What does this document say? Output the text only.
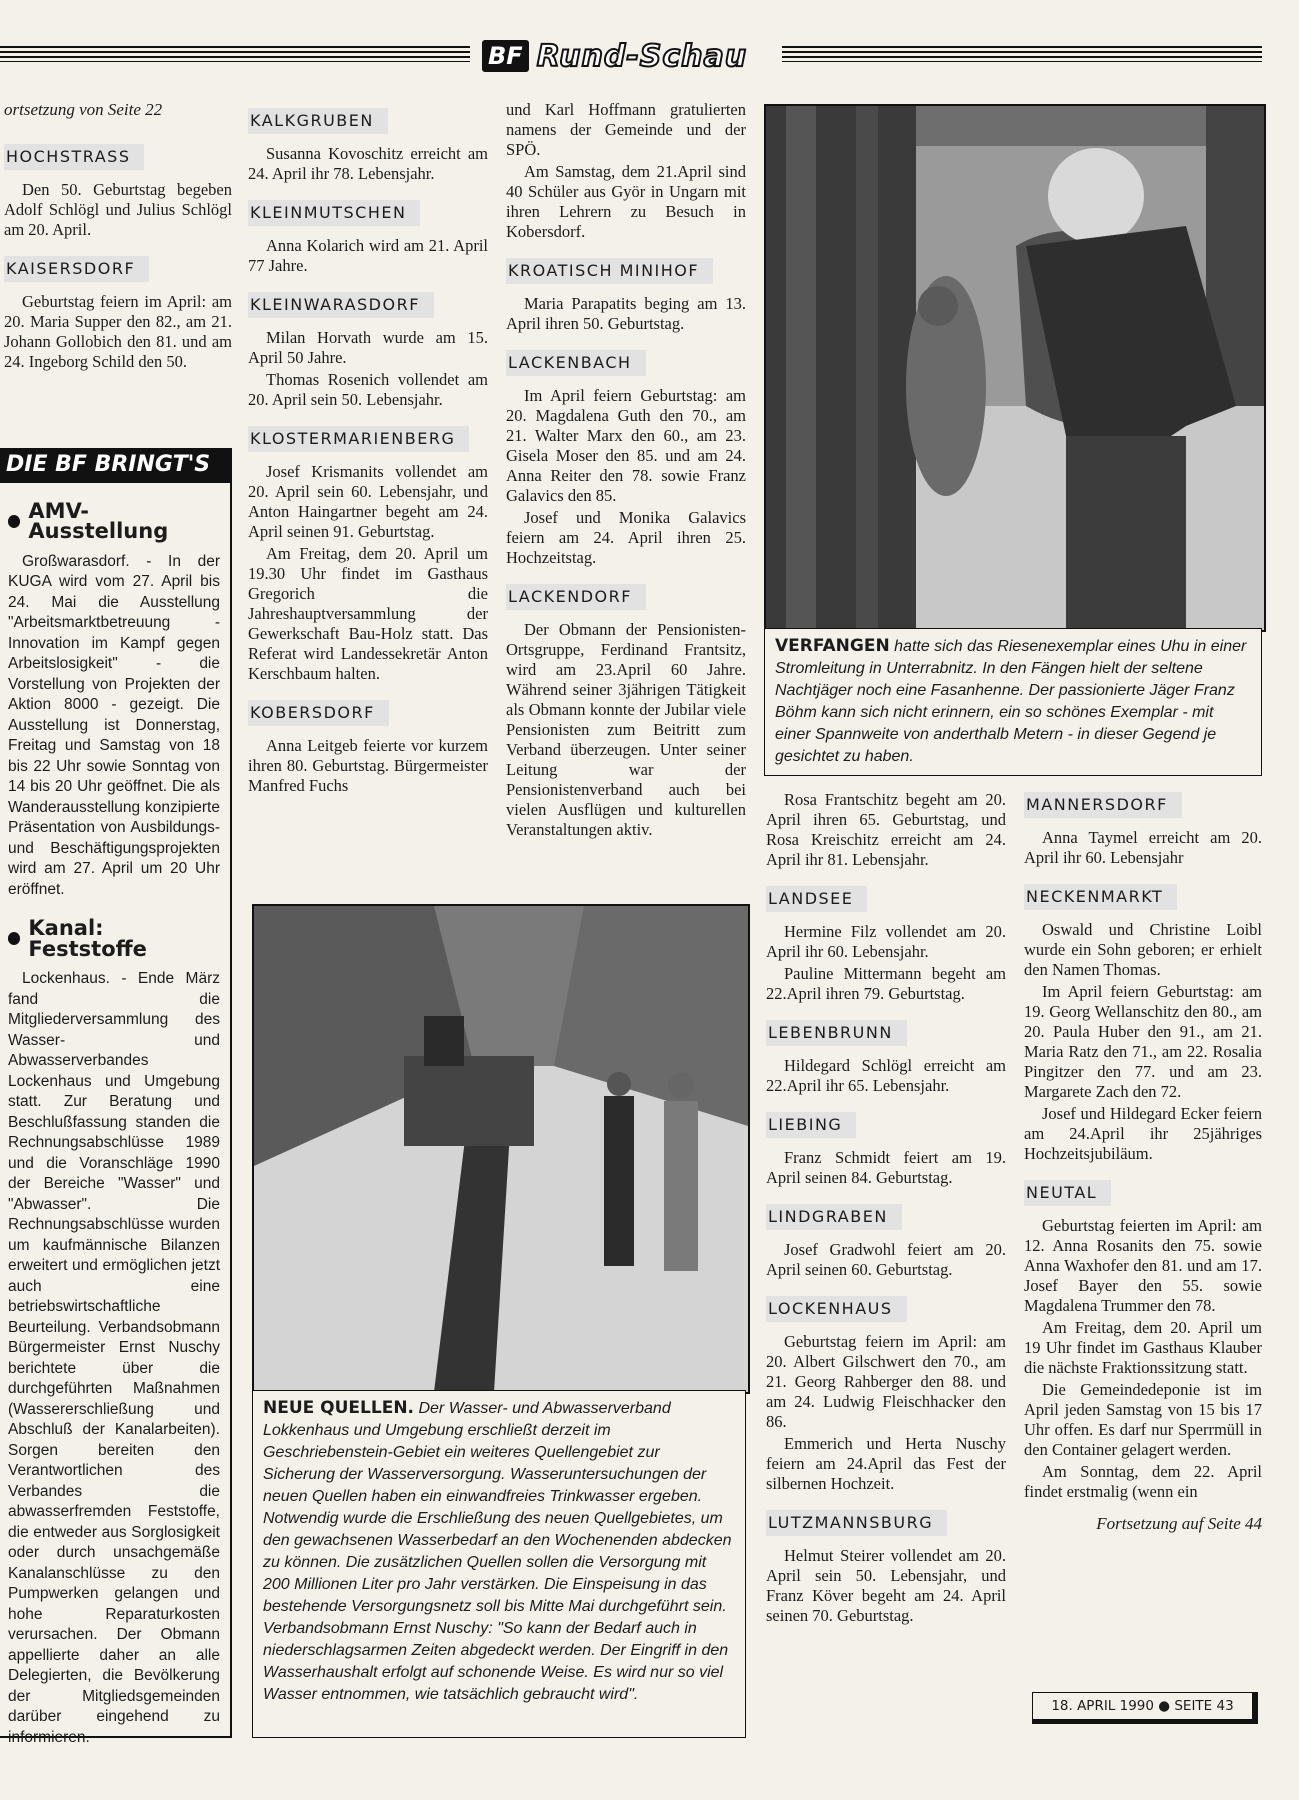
BF Rund-Schau
ortsetzung von Seite 22
HOCHSTRASS

Den 50. Geburtstag begeben Adolf Schlögl und Julius Schlögl am 20. April.

KAISERSDORF

Geburtstag feiern im April: am 20. Maria Supper den 82., am 21. Johann Gollobich den 81. und am 24. Ingeborg Schild den 50.

DIE BF BRINGT'S
AMV-Ausstellung

Großwarasdorf. - In der KUGA wird vom 27. April bis 24. Mai die Ausstellung "Arbeitsmarktbetreuung - Innovation im Kampf gegen Arbeitslosigkeit" - die Vorstellung von Projekten der Aktion 8000 - gezeigt. Die Ausstellung ist Donnerstag, Freitag und Samstag von 18 bis 22 Uhr sowie Sonntag von 14 bis 20 Uhr geöffnet. Die als Wanderausstellung konzipierte Präsentation von Ausbildungs- und Beschäftigungsprojekten wird am 27. April um 20 Uhr eröffnet.

Kanal: Feststoffe

Lockenhaus. - Ende März fand die Mitgliederversammlung des Wasser- und Abwasserverbandes Lockenhaus und Umgebung statt. Zur Beratung und Beschlußfassung standen die Rechnungsabschlüsse 1989 und die Voranschläge 1990 der Bereiche "Wasser" und "Abwasser". Die Rechnungsabschlüsse wurden um kaufmännische Bilanzen erweitert und ermöglichen jetzt auch eine betriebswirtschaftliche Beurteilung. Verbandsobmann Bürgermeister Ernst Nuschy berichtete über die durchgeführten Maßnahmen (Wassererschließung und Abschluß der Kanalarbeiten). Sorgen bereiten den Verantwortlichen des Verbandes die abwasserfremden Feststoffe, die entweder aus Sorglosigkeit oder durch unsachgemäße Kanalanschlüsse zu den Pumpwerken gelangen und hohe Reparaturkosten verursachen. Der Obmann appellierte daher an alle Delegierten, die Bevölkerung der Mitgliedsgemeinden darüber eingehend zu informieren.

KALKGRUBEN

Susanna Kovoschitz erreicht am 24. April ihr 78. Lebensjahr.

KLEINMUTSCHEN

Anna Kolarich wird am 21. April 77 Jahre.

KLEINWARASDORF

Milan Horvath wurde am 15. April 50 Jahre.

Thomas Rosenich vollendet am 20. April sein 50. Lebensjahr.

KLOSTERMARIENBERG

Josef Krismanits vollendet am 20. April sein 60. Lebensjahr, und Anton Haingartner begeht am 24. April seinen 91. Geburtstag.

Am Freitag, dem 20. April um 19.30 Uhr findet im Gasthaus Gregorich die Jahreshauptversammlung der Gewerkschaft Bau-Holz statt. Das Referat wird Landessekretär Anton Kerschbaum halten.

KOBERSDORF

Anna Leitgeb feierte vor kurzem ihren 80. Geburtstag. Bürgermeister Manfred Fuchs

und Karl Hoffmann gratulierten namens der Gemeinde und der SPÖ.

Am Samstag, dem 21.April sind 40 Schüler aus Györ in Ungarn mit ihren Lehrern zu Besuch in Kobersdorf.

KROATISCH MINIHOF

Maria Parapatits beging am 13. April ihren 50. Geburtstag.

LACKENBACH

Im April feiern Geburtstag: am 20. Magdalena Guth den 70., am 21. Walter Marx den 60., am 23. Gisela Moser den 85. und am 24. Anna Reiter den 78. sowie Franz Galavics den 85.

Josef und Monika Galavics feiern am 24. April ihren 25. Hochzeitstag.

LACKENDORF

Der Obmann der Pensionisten-Ortsgruppe, Ferdinand Frantsitz, wird am 23.April 60 Jahre. Während seiner 3jährigen Tätigkeit als Obmann konnte der Jubilar viele Pensionisten zum Beitritt zum Verband überzeugen. Unter seiner Leitung war der Pensionistenverband auch bei vielen Ausflügen und kulturellen Veranstaltungen aktiv.

VERFANGEN hatte sich das Riesenexemplar eines Uhu in einer Stromleitung in Unterrabnitz. In den Fängen hielt der seltene Nachtjäger noch eine Fasanhenne. Der passionierte Jäger Franz Böhm kann sich nicht erinnern, ein so schönes Exemplar - mit einer Spannweite von anderthalb Metern - in dieser Gegend je gesichtet zu haben.
NEUE QUELLEN. Der Wasser- und Abwasserverband Lokkenhaus und Umgebung erschließt derzeit im Geschriebenstein-Gebiet ein weiteres Quellengebiet zur Sicherung der Wasserversorgung. Wasseruntersuchungen der neuen Quellen haben ein einwandfreies Trinkwasser ergeben. Notwendig wurde die Erschließung des neuen Quellgebietes, um den gewachsenen Wasserbedarf an den Wochenenden abdecken zu können. Die zusätzlichen Quellen sollen die Versorgung mit 200 Millionen Liter pro Jahr verstärken. Die Einspeisung in das bestehende Versorgungsnetz soll bis Mitte Mai durchgeführt sein. Verbandsobmann Ernst Nuschy: "So kann der Bedarf auch in niederschlagsarmen Zeiten abgedeckt werden. Der Eingriff in den Wasserhaushalt erfolgt auf schonende Weise. Es wird nur so viel Wasser entnommen, wie tatsächlich gebraucht wird".

Rosa Frantschitz begeht am 20. April ihren 65. Geburtstag, und Rosa Kreischitz erreicht am 24. April ihr 81. Lebensjahr.

LANDSEE

Hermine Filz vollendet am 20. April ihr 60. Lebensjahr.

Pauline Mittermann begeht am 22.April ihren 79. Geburtstag.

LEBENBRUNN

Hildegard Schlögl erreicht am 22.April ihr 65. Lebensjahr.

LIEBING

Franz Schmidt feiert am 19. April seinen 84. Geburtstag.

LINDGRABEN

Josef Gradwohl feiert am 20. April seinen 60. Geburtstag.

LOCKENHAUS

Geburtstag feiern im April: am 20. Albert Gilschwert den 70., am 21. Georg Rahberger den 88. und am 24. Ludwig Fleischhacker den 86.

Emmerich und Herta Nuschy feiern am 24.April das Fest der silbernen Hochzeit.

LUTZMANNSBURG

Helmut Steirer vollendet am 20. April sein 50. Lebensjahr, und Franz Köver begeht am 24. April seinen 70. Geburtstag.

MANNERSDORF

Anna Taymel erreicht am 20. April ihr 60. Lebensjahr

NECKENMARKT

Oswald und Christine Loibl wurde ein Sohn geboren; er erhielt den Namen Thomas.

Im April feiern Geburtstag: am 19. Georg Wellanschitz den 80., am 20. Paula Huber den 91., am 21. Maria Ratz den 71., am 22. Rosalia Pingitzer den 77. und am 23. Margarete Zach den 72.

Josef und Hildegard Ecker feiern am 24.April ihr 25jähriges Hochzeitsjubiläum.

NEUTAL

Geburtstag feierten im April: am 12. Anna Rosanits den 75. sowie Anna Waxhofer den 81. und am 17. Josef Bayer den 55. sowie Magdalena Trummer den 78.

Am Freitag, dem 20. April um 19 Uhr findet im Gasthaus Klauber die nächste Fraktionssitzung statt.

Die Gemeindedeponie ist im April jeden Samstag von 15 bis 17 Uhr offen. Es darf nur Sperrmüll in den Container gelagert werden.

Am Sonntag, dem 22. April findet erstmalig (wenn ein

Fortsetzung auf Seite 44
18. APRIL 1990 ● SEITE 43
